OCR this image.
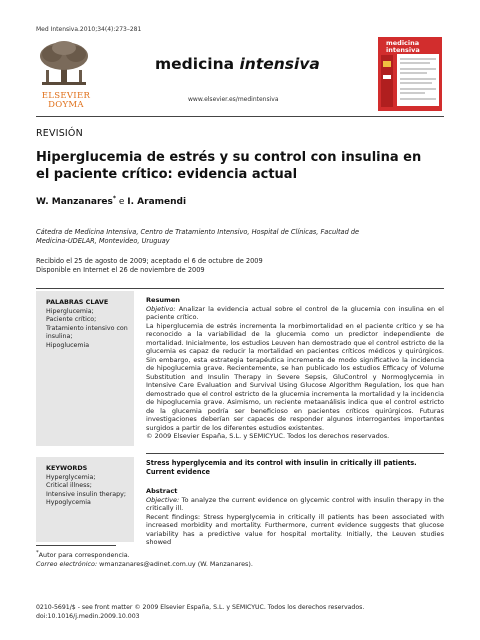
Med Intensiva.2010;34(4):273–281
ELSEVIER
DOYMA
medicina intensiva
www.elsevier.es/medintensiva
medicina
intensiva
REVISIÓN
Hiperglucemia de estrés y su control con insulina en el paciente crítico: evidencia actual
W. Manzanares* e I. Aramendi
Cátedra de Medicina Intensiva, Centro de Tratamiento Intensivo, Hospital de Clínicas, Facultad de Medicina-UDELAR, Montevideo, Uruguay
Recibido el 25 de agosto de 2009; aceptado el 6 de octubre de 2009
Disponible en Internet el 26 de noviembre de 2009
PALABRAS CLAVE
Hiperglucemia;
Paciente crítico;
Tratamiento intensivo con insulina;
Hipoglucemia
Resumen
Objetivo: Analizar la evidencia actual sobre el control de la glucemia con insulina en el paciente crítico.
La hiperglucemia de estrés incrementa la morbimortalidad en el paciente crítico y se ha reconocido a la variabilidad de la glucemia como un predictor independiente de mortalidad. Inicialmente, los estudios Leuven han demostrado que el control estricto de la glucemia es capaz de reducir la mortalidad en pacientes críticos médicos y quirúrgicos. Sin embargo, esta estrategia terapéutica incrementa de modo significativo la incidencia de hipoglucemia grave. Recientemente, se han publicado los estudios Efficacy of Volume Substitution and Insulin Therapy in Severe Sepsis, GluControl y Normoglycemia in Intensive Care Evaluation and Survival Using Glucose Algorithm Regulation, los que han demostrado que el control estricto de la glucemia incrementa la mortalidad y la incidencia de hipoglucemia grave. Asimismo, un reciente metaanálisis indica que el control estricto de la glucemia podría ser beneficioso en pacientes críticos quirúrgicos. Futuras investigaciones deberían ser capaces de responder algunos interrogantes importantes surgidos a partir de los diferentes estudios existentes.
© 2009 Elsevier España, S.L. y SEMICYUC. Todos los derechos reservados.
KEYWORDS
Hyperglycemia;
Critical illness;
Intensive insulin therapy;
Hypoglycemia
Stress hyperglycemia and its control with insulin in critically ill patients. Current evidence
Abstract
Objective: To analyze the current evidence on glycemic control with insulin therapy in the critically ill.
Recent findings: Stress hyperglycemia in critically ill patients has been associated with increased morbidity and mortality. Furthermore, current evidence suggests that glucose variability has a predictive value for hospital mortality. Initially, the Leuven studies showed
*Autor para correspondencia.
Correo electrónico: wmanzanares@adinet.com.uy (W. Manzanares).
0210-5691/$ - see front matter © 2009 Elsevier España, S.L. y SEMICYUC. Todos los derechos reservados.
doi:10.1016/j.medin.2009.10.003
